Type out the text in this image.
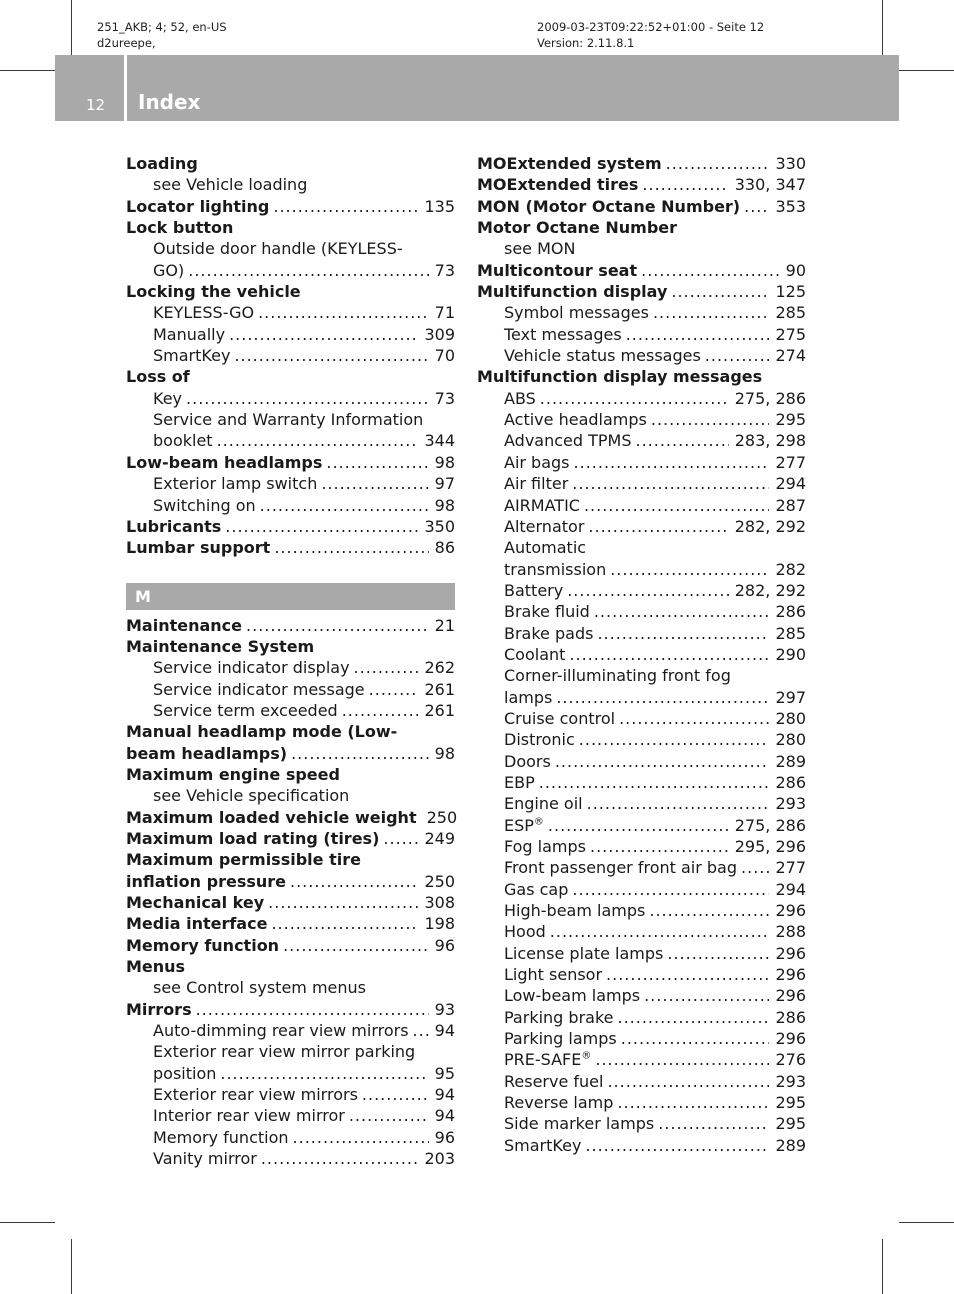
251_AKB; 4; 52, en-US
d2ureepe,
2009-03-23T09:22:52+01:00 - Seite 12
Version: 2.11.8.1
12 Index
Loading
see Vehicle loading
Locator lighting .....	135
Lock button
Outside door handle (KEYLESS-
GO) .....	73
Locking the vehicle
KEYLESS-GO .....	71
Manually .....	309
SmartKey .....	70
Loss of
Key .....	73
Service and Warranty Information
booklet .....	344
Low-beam headlamps .....	98
Exterior lamp switch .....	97
Switching on .....	98
Lubricants .....	350
Lumbar support .....	86
M
Maintenance .....	21
Maintenance System
Service indicator display .....	262
Service indicator message .....	261
Service term exceeded .....	261
Manual headlamp mode (Low-
beam headlamps) .....	98
Maximum engine speed
see Vehicle specification
Maximum loaded vehicle weight 250
Maximum load rating (tires) .....	249
Maximum permissible tire
inflation pressure .....	250
Mechanical key .....	308
Media interface .....	198
Memory function .....	96
Menus
see Control system menus
Mirrors .....	93
Auto-dimming rear view mirrors ..... 94
Exterior rear view mirror parking
position .....	95
Exterior rear view mirrors .....	94
Interior rear view mirror .....	94
Memory function .....	96
Vanity mirror .....	203
MOExtended system .....	330
MOExtended tires .....	330, 347
MON (Motor Octane Number) ..... 353
Motor Octane Number
see MON
Multicontour seat .....	90
Multifunction display .....	125
Symbol messages .....	285
Text messages .....	275
Vehicle status messages .....	274
Multifunction display messages
ABS .....	275, 286
Active headlamps .....	295
Advanced TPMS .....	283, 298
Air bags .....	277
Air filter .....	294
AIRMATIC .....	287
Alternator .....	282, 292
Automatic
transmission .....	282
Battery .....	282, 292
Brake fluid .....	286
Brake pads .....	285
Coolant .....	290
Corner-illuminating front fog
lamps .....	297
Cruise control .....	280
Distronic .....	280
Doors .....	289
EBP .....	286
Engine oil .....	293
ESP® .....	275, 286
Fog lamps .....	295, 296
Front passenger front air bag ..... 277
Gas cap .....	294
High-beam lamps .....	296
Hood .....	288
License plate lamps .....	296
Light sensor .....	296
Low-beam lamps .....	296
Parking brake .....	286
Parking lamps .....	296
PRE-SAFE® .....	276
Reserve fuel .....	293
Reverse lamp .....	295
Side marker lamps .....	295
SmartKey .....	289
